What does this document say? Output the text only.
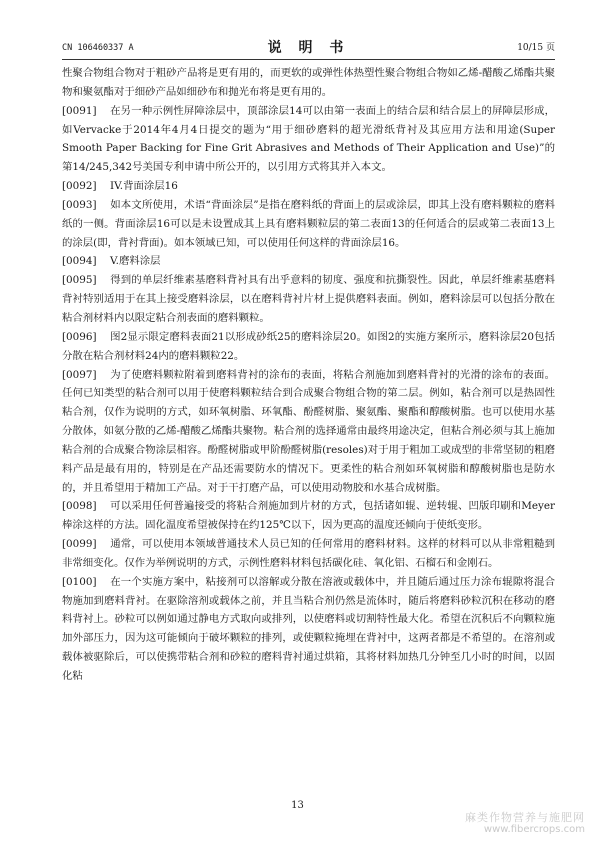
CN 106460337 A	说 明 书	10/15 页

性聚合物组合物对于粗砂产品将是更有用的，而更软的或弹性体热塑性聚合物组合物如乙烯-醋酸乙烯酯共聚物和聚氨酯对于细砂产品如细砂布和抛光布将是更有用的。

[0091] 在另一种示例性屏障涂层中，顶部涂层14可以由第一表面上的结合层和结合层上的屏障层形成，如Vervacke于2014年4月4日提交的题为“用于细砂磨料的超光滑纸背衬及其应用方法和用途(Super Smooth Paper Backing for Fine Grit Abrasives and Methods of Their Application and Use)”的第14/245,342号美国专利申请中所公开的，以引用方式将其并入本文。

[0092] IV.背面涂层16

[0093] 如本文所使用，术语“背面涂层”是指在磨料纸的背面上的层或涂层，即其上没有磨料颗粒的磨料纸的一侧。背面涂层16可以是未设置成其上具有磨料颗粒层的第二表面13的任何适合的层或第二表面13上的涂层(即，背衬背面)。如本领域已知，可以使用任何这样的背面涂层16。

[0094] V.磨料涂层

[0095] 得到的单层纤维素基磨料背衬具有出乎意料的韧度、强度和抗撕裂性。因此，单层纤维素基磨料背衬特别适用于在其上接受磨料涂层，以在磨料背衬片材上提供磨料表面。例如，磨料涂层可以包括分散在粘合剂材料内以限定粘合剂表面的磨料颗粒。

[0096] 图2显示限定磨料表面21以形成砂纸25的磨料涂层20。如图2的实施方案所示，磨料涂层20包括分散在粘合剂材料24内的磨料颗粒22。

[0097] 为了使磨料颗粒附着到磨料背衬的涂布的表面，将粘合剂施加到磨料背衬的光滑的涂布的表面。任何已知类型的粘合剂可以用于使磨料颗粒结合到合成聚合物组合物的第二层。例如，粘合剂可以是热固性粘合剂，仅作为说明的方式，如环氧树脂、环氧酯、酚醛树脂、聚氨酯、聚酯和醇酸树脂。也可以使用水基分散体，如氨分散的乙烯-醋酸乙烯酯共聚物。粘合剂的选择通常由最终用途决定，但粘合剂必须与其上施加粘合剂的合成聚合物涂层相容。酚醛树脂或甲阶酚醛树脂(resoles)对于用于粗加工或成型的非常坚韧的粗磨料产品是最有用的，特别是在产品还需要防水的情况下。更柔性的粘合剂如环氧树脂和醇酸树脂也是防水的，并且希望用于精加工产品。对于干打磨产品，可以使用动物胶和水基合成树脂。

[0098] 可以采用任何普遍接受的将粘合剂施加到片材的方式，包括诸如辊、逆转辊、凹版印刷和Meyer棒涂这样的方法。固化温度希望被保持在约125℃以下，因为更高的温度还倾向于使纸变形。

[0099] 通常，可以使用本领域普通技术人员已知的任何常用的磨料材料。这样的材料可以从非常粗糙到非常细变化。仅作为举例说明的方式，示例性磨料材料包括碳化硅、氧化铝、石榴石和金刚石。

[0100] 在一个实施方案中，粘接剂可以溶解或分散在溶液或载体中，并且随后通过压力涂布辊隙将混合物施加到磨料背衬。在驱除溶剂或载体之前，并且当粘合剂仍然是流体时，随后将磨料砂粒沉积在移动的磨料背衬上。砂粒可以例如通过静电方式取向或排列，以使磨料或切割特性最大化。希望在沉积后不向颗粒施加外部压力，因为这可能倾向于破坏颗粒的排列，或使颗粒掩埋在背衬中，这两者都是不希望的。在溶剂或载体被驱除后，可以使携带粘合剂和砂粒的磨料背衬通过烘箱，其将材料加热几分钟至几小时的时间，以固化粘

13
麻类作物营养与施肥网
www.fibercrops.com
